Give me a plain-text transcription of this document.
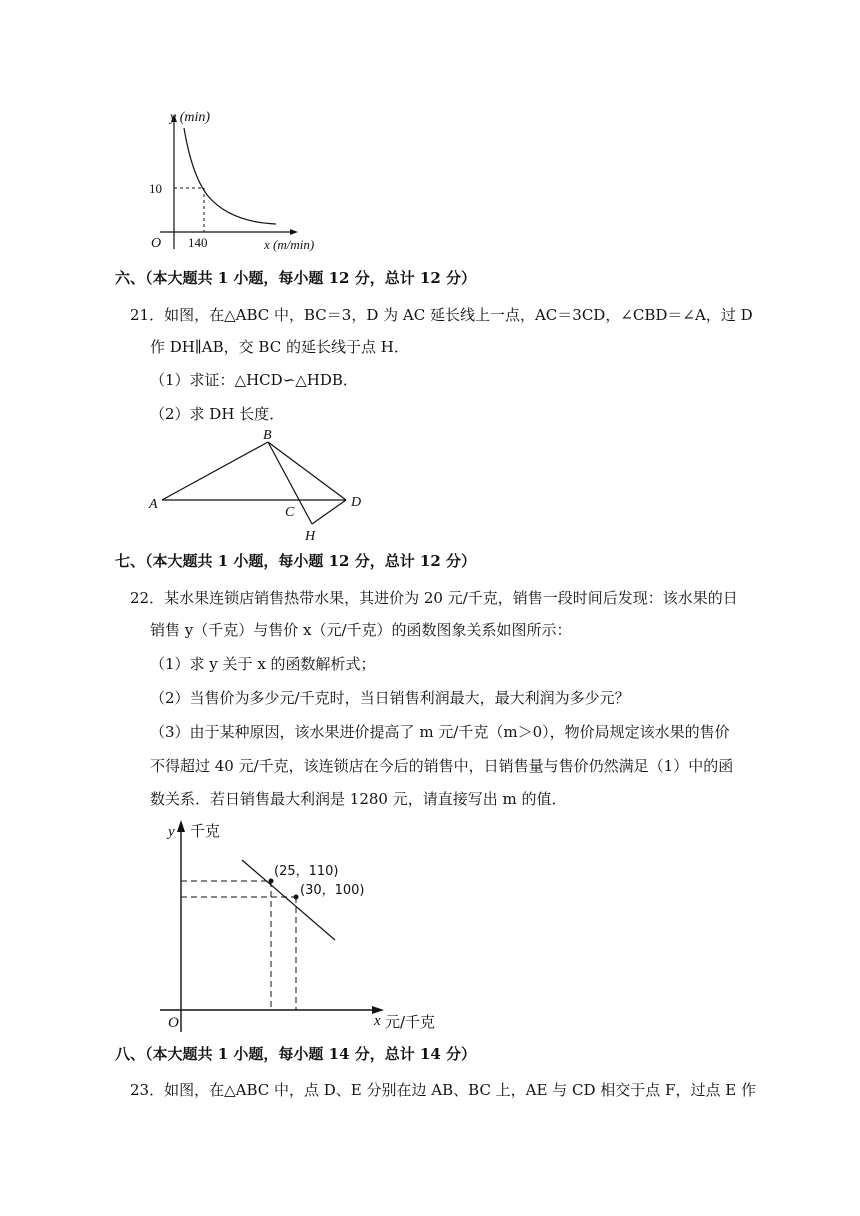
y (min)
10
O 140	x (m/min)
六、（本大题共 1 小题，每小题 12 分，总计 12 分）
21．如图，在△ABC 中，BC＝3，D 为 AC 延长线上一点，AC＝3CD，∠CBD＝∠A，过 D
作 DH∥AB，交 BC 的延长线于点 H．
（1）求证：△HCD∽△HDB．
（2）求 DH 长度．
A
B
C
D
H
七、（本大题共 1 小题，每小题 12 分，总计 12 分）
22．某水果连锁店销售热带水果，其进价为 20 元/千克，销售一段时间后发现：该水果的日
销售 y（千克）与售价 x（元/千克）的函数图象关系如图所示：
（1）求 y 关于 x 的函数解析式；
（2）当售价为多少元/千克时，当日销售利润最大，最大利润为多少元？
（3）由于某种原因，该水果进价提高了 m 元/千克（m＞0），物价局规定该水果的售价
不得超过 40 元/千克，该连锁店在今后的销售中，日销售量与售价仍然满足（1）中的函
数关系．若日销售最大利润是 1280 元，请直接写出 m 的值．
(25，110)
(30，100)
y 千克
O	x 元/千克
八、（本大题共 1 小题，每小题 14 分，总计 14 分）
23．如图，在△ABC 中，点 D、E 分别在边 AB、BC 上，AE 与 CD 相交于点 F，过点 E 作
